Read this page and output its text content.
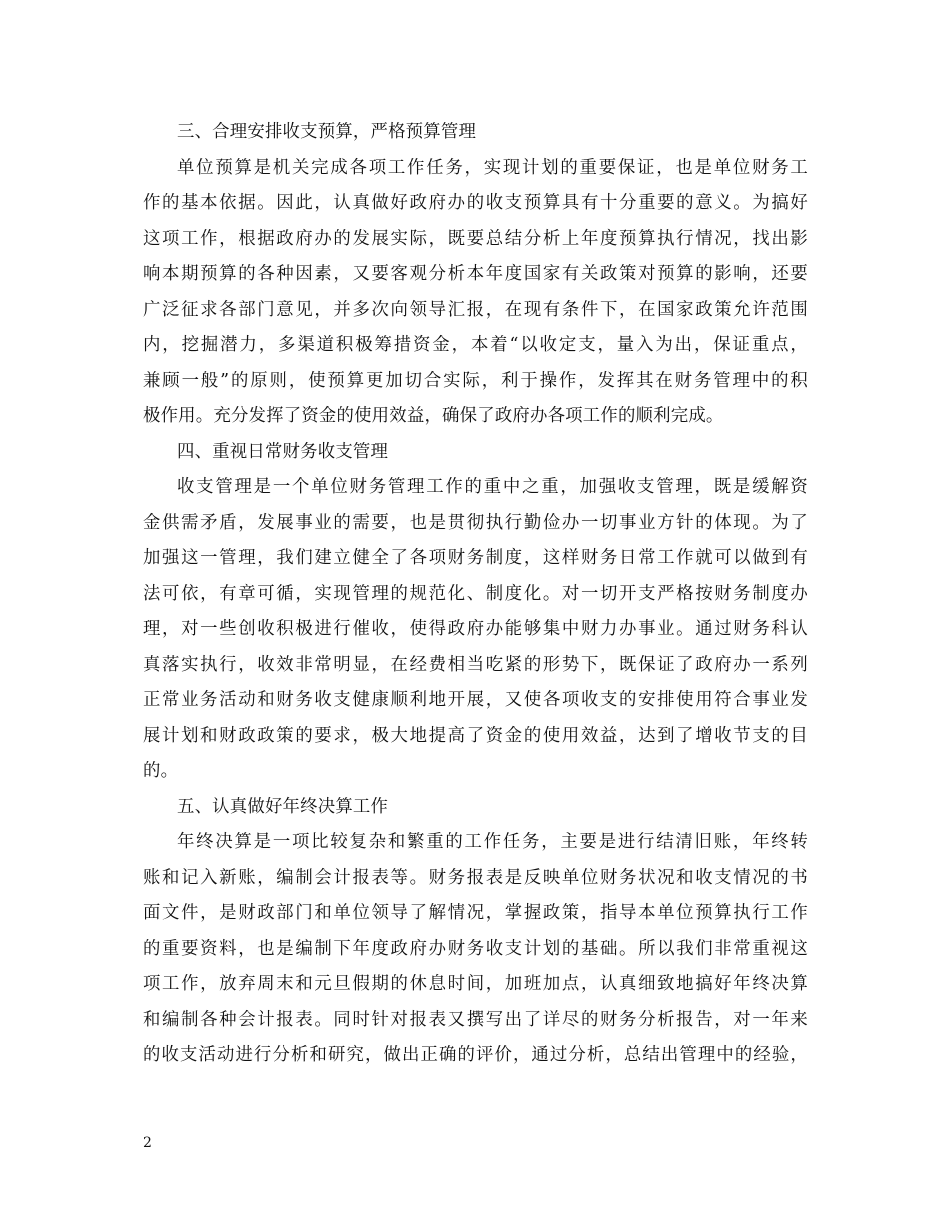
三、合理安排收支预算，严格预算管理
单位预算是机关完成各项工作任务，实现计划的重要保证，也是单位财务工
作的基本依据。因此，认真做好政府办的收支预算具有十分重要的意义。为搞好
这项工作，根据政府办的发展实际，既要总结分析上年度预算执行情况，找出影
响本期预算的各种因素，又要客观分析本年度国家有关政策对预算的影响，还要
广泛征求各部门意见，并多次向领导汇报，在现有条件下，在国家政策允许范围
内，挖掘潜力，多渠道积极筹措资金，本着“以收定支，量入为出，保证重点，
兼顾一般”的原则，使预算更加切合实际，利于操作，发挥其在财务管理中的积
极作用。充分发挥了资金的使用效益，确保了政府办各项工作的顺利完成。
四、重视日常财务收支管理
收支管理是一个单位财务管理工作的重中之重，加强收支管理，既是缓解资
金供需矛盾，发展事业的需要，也是贯彻执行勤俭办一切事业方针的体现。为了
加强这一管理，我们建立健全了各项财务制度，这样财务日常工作就可以做到有
法可依，有章可循，实现管理的规范化、制度化。对一切开支严格按财务制度办
理，对一些创收积极进行催收，使得政府办能够集中财力办事业。通过财务科认
真落实执行，收效非常明显，在经费相当吃紧的形势下，既保证了政府办一系列
正常业务活动和财务收支健康顺利地开展，又使各项收支的安排使用符合事业发
展计划和财政政策的要求，极大地提高了资金的使用效益，达到了增收节支的目
的。
五、认真做好年终决算工作
年终决算是一项比较复杂和繁重的工作任务，主要是进行结清旧账，年终转
账和记入新账，编制会计报表等。财务报表是反映单位财务状况和收支情况的书
面文件，是财政部门和单位领导了解情况，掌握政策，指导本单位预算执行工作
的重要资料，也是编制下年度政府办财务收支计划的基础。所以我们非常重视这
项工作，放弃周末和元旦假期的休息时间，加班加点，认真细致地搞好年终决算
和编制各种会计报表。同时针对报表又撰写出了详尽的财务分析报告，对一年来
的收支活动进行分析和研究，做出正确的评价，通过分析，总结出管理中的经验，
2
